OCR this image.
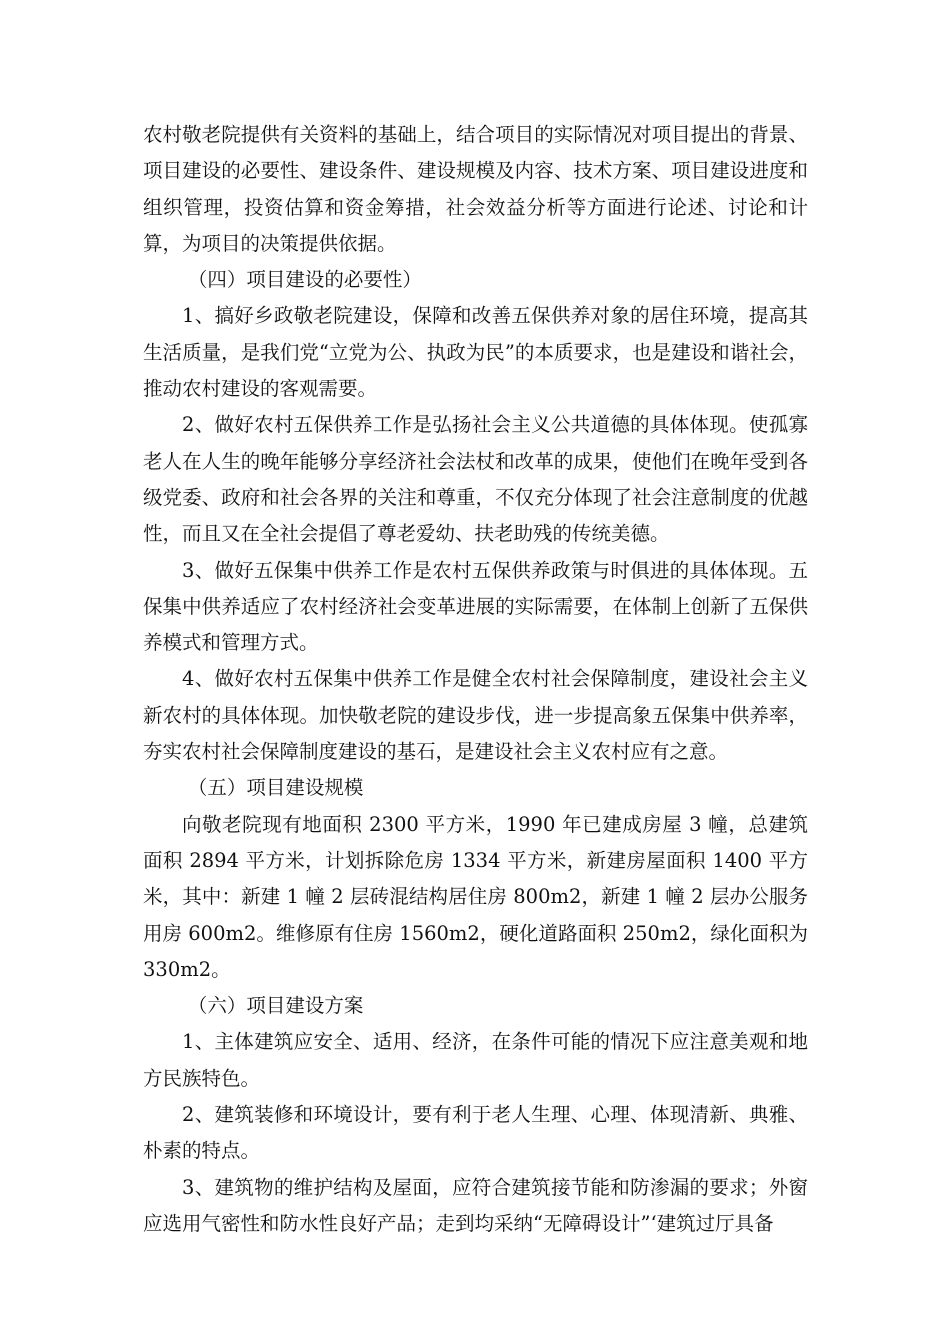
农村敬老院提供有关资料的基础上，结合项目的实际情况对项目提出的背景、项目建设的必要性、建设条件、建设规模及内容、技术方案、项目建设进度和组织管理，投资估算和资金筹措，社会效益分析等方面进行论述、讨论和计算，为项目的决策提供依据。

（四）项目建设的必要性）

1、搞好乡政敬老院建设，保障和改善五保供养对象的居住环境，提高其生活质量，是我们党“立党为公、执政为民”的本质要求，也是建设和谐社会，推动农村建设的客观需要。

2、做好农村五保供养工作是弘扬社会主义公共道德的具体体现。使孤寡老人在人生的晚年能够分享经济社会法杖和改革的成果，使他们在晚年受到各级党委、政府和社会各界的关注和尊重，不仅充分体现了社会注意制度的优越性，而且又在全社会提倡了尊老爱幼、扶老助残的传统美德。

3、做好五保集中供养工作是农村五保供养政策与时俱进的具体体现。五保集中供养适应了农村经济社会变革进展的实际需要，在体制上创新了五保供养模式和管理方式。

4、做好农村五保集中供养工作是健全农村社会保障制度，建设社会主义新农村的具体体现。加快敬老院的建设步伐，进一步提高象五保集中供养率，夯实农村社会保障制度建设的基石，是建设社会主义农村应有之意。

（五）项目建设规模

向敬老院现有地面积 2300 平方米，1990 年已建成房屋 3 幢，总建筑面积 2894 平方米，计划拆除危房 1334 平方米，新建房屋面积 1400 平方米，其中：新建 1 幢 2 层砖混结构居住房 800m2，新建 1 幢 2 层办公服务用房 600m2。维修原有住房 1560m2，硬化道路面积 250m2，绿化面积为 330m2。

（六）项目建设方案

1、主体建筑应安全、适用、经济，在条件可能的情况下应注意美观和地方民族特色。

2、建筑装修和环境设计，要有利于老人生理、心理、体现清新、典雅、朴素的特点。

3、建筑物的维护结构及屋面，应符合建筑接节能和防渗漏的要求；外窗应选用气密性和防水性良好产品；走到均采纳“无障碍设计”‘建筑过厅具备
